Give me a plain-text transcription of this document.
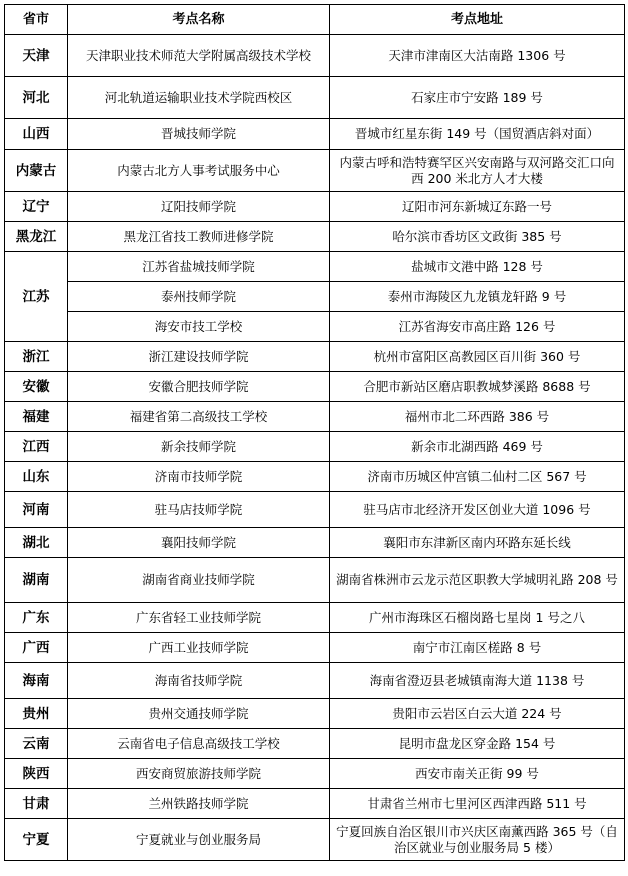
省市	考点名称	考点地址
天津	天津职业技术师范大学附属高级技术学校	天津市津南区大沽南路 1306 号
河北	河北轨道运输职业技术学院西校区	石家庄市宁安路 189 号
山西	晋城技师学院	晋城市红星东街 149 号（国贸酒店斜对面）
内蒙古	内蒙古北方人事考试服务中心	内蒙古呼和浩特赛罕区兴安南路与双河路交汇口向西 200 米北方人才大楼
辽宁	辽阳技师学院	辽阳市河东新城辽东路一号
黑龙江	黑龙江省技工教师进修学院	哈尔滨市香坊区文政街 385 号
江苏	江苏省盐城技师学院	盐城市文港中路 128 号
	泰州技师学院	泰州市海陵区九龙镇龙轩路 9 号
	海安市技工学校	江苏省海安市高庄路 126 号
浙江	浙江建设技师学院	杭州市富阳区高教园区百川街 360 号
安徽	安徽合肥技师学院	合肥市新站区磨店职教城梦溪路 8688 号
福建	福建省第二高级技工学校	福州市北二环西路 386 号
江西	新余技师学院	新余市北湖西路 469 号
山东	济南市技师学院	济南市历城区仲宫镇二仙村二区 567 号
河南	驻马店技师学院	驻马店市北经济开发区创业大道 1096 号
湖北	襄阳技师学院	襄阳市东津新区南内环路东延长线
湖南	湖南省商业技师学院	湖南省株洲市云龙示范区职教大学城明礼路 208 号
广东	广东省轻工业技师学院	广州市海珠区石榴岗路七星岗 1 号之八
广西	广西工业技师学院	南宁市江南区槎路 8 号
海南	海南省技师学院	海南省澄迈县老城镇南海大道 1138 号
贵州	贵州交通技师学院	贵阳市云岩区白云大道 224 号
云南	云南省电子信息高级技工学校	昆明市盘龙区穿金路 154 号
陕西	西安商贸旅游技师学院	西安市南关正街 99 号
甘肃	兰州铁路技师学院	甘肃省兰州市七里河区西津西路 511 号
宁夏	宁夏就业与创业服务局	宁夏回族自治区银川市兴庆区南薰西路 365 号（自治区就业与创业服务局 5 楼）
